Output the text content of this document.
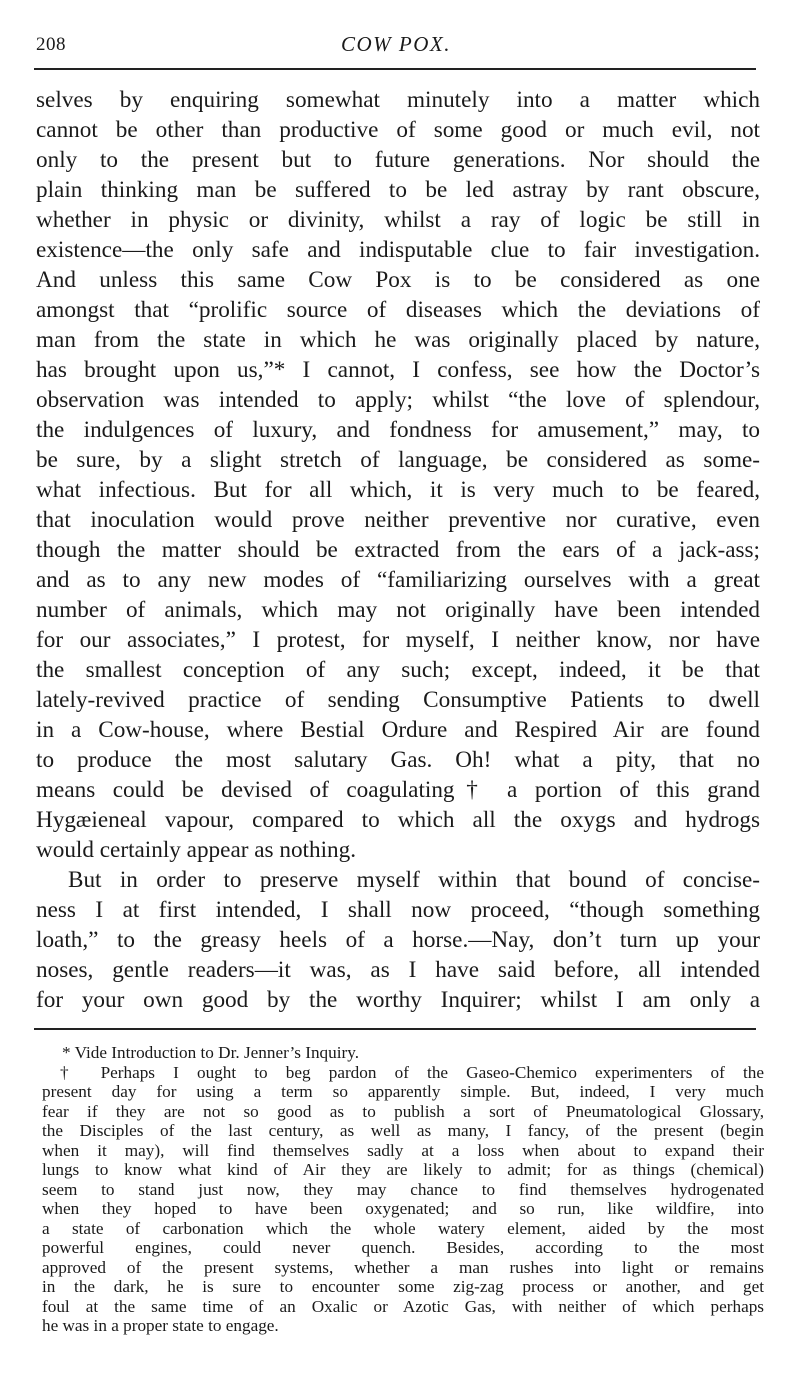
208	COW POX.
selves by enquiring somewhat minutely into a matter which
cannot be other than productive of some good or much evil, not
only to the present but to future generations. Nor should the
plain thinking man be suffered to be led astray by rant obscure,
whether in physic or divinity, whilst a ray of logic be still in
existence—the only safe and indisputable clue to fair investigation.
And unless this same Cow Pox is to be considered as one
amongst that “prolific source of diseases which the deviations of
man from the state in which he was originally placed by nature,
has brought upon us,”* I cannot, I confess, see how the Doctor’s
observation was intended to apply; whilst “the love of splendour,
the indulgences of luxury, and fondness for amusement,” may, to
be sure, by a slight stretch of language, be considered as some-
what infectious. But for all which, it is very much to be feared,
that inoculation would prove neither preventive nor curative, even
though the matter should be extracted from the ears of a jack-ass;
and as to any new modes of “familiarizing ourselves with a great
number of animals, which may not originally have been intended
for our associates,” I protest, for myself, I neither know, nor have
the smallest conception of any such; except, indeed, it be that
lately-revived practice of sending Consumptive Patients to dwell
in a Cow-house, where Bestial Ordure and Respired Air are found
to produce the most salutary Gas. Oh! what a pity, that no
means could be devised of coagulating† a portion of this grand
Hygæieneal vapour, compared to which all the oxygs and hydrogs
would certainly appear as nothing.
But in order to preserve myself within that bound of concise-
ness I at first intended, I shall now proceed, “though something
loath,” to the greasy heels of a horse.—Nay, don’t turn up your
noses, gentle readers—it was, as I have said before, all intended
for your own good by the worthy Inquirer; whilst I am only a
* Vide Introduction to Dr. Jenner’s Inquiry.
† Perhaps I ought to beg pardon of the Gaseo-Chemico experimenters of the
present day for using a term so apparently simple. But, indeed, I very much
fear if they are not so good as to publish a sort of Pneumatological Glossary,
the Disciples of the last century, as well as many, I fancy, of the present (begin
when it may), will find themselves sadly at a loss when about to expand their
lungs to know what kind of Air they are likely to admit; for as things (chemical)
seem to stand just now, they may chance to find themselves hydrogenated
when they hoped to have been oxygenated; and so run, like wildfire, into
a state of carbonation which the whole watery element, aided by the most
powerful engines, could never quench. Besides, according to the most
approved of the present systems, whether a man rushes into light or remains
in the dark, he is sure to encounter some zig-zag process or another, and get
foul at the same time of an Oxalic or Azotic Gas, with neither of which perhaps
he was in a proper state to engage.
